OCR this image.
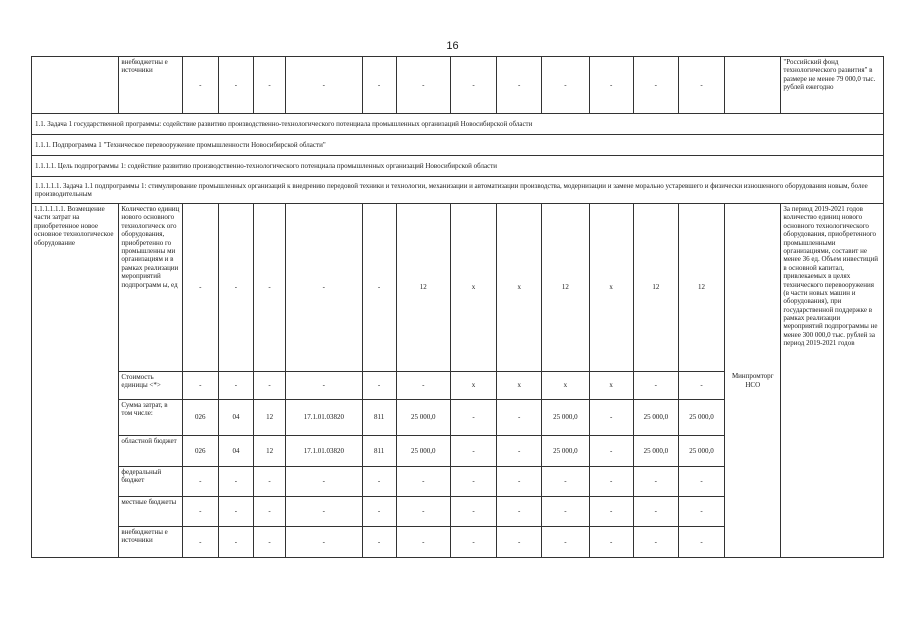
16
	внебюджетны е источники	-	-	-	-	-	-	-	-	-	-	-	-		"Российский фонд технологического развития" в размере не менее 79 000,0 тыс. рублей ежегодно
1.1. Задача 1 государственной программы: содействие развитию производственно-технологического потенциала промышленных организаций Новосибирской области															
1.1.1. Подпрограмма 1 "Техническое перевооружение промышленности Новосибирской области"															
1.1.1.1. Цель подпрограммы 1: содействие развитию производственно-технологического потенциала промышленных организаций Новосибирской области															
1.1.1.1.1. Задача 1.1 подпрограммы 1: стимулирование промышленных организаций к внедрению передовой техники и технологии, механизации и автоматизации производства, модернизации и замене морально устаревшего и физически изношенного оборудования новым, более производительным															
1.1.1.1.1.1. Возмещение части затрат на приобретенное новое основное технологическое оборудование	Количество единиц нового основного технологическ ого оборудования, приобретенно го промышленны ми организациям и в рамках реализации мероприятий подпрограмм ы, ед	-	-	-	-	-	12	x	x	12	x	12	12	Минпромторг НСО	За период 2019-2021 годов количество единиц нового основного технологического оборудования, приобретенного промышленными организациями, составит не менее 36 ед. Объем инвестиций в основной капитал, привлекаемых в целях технического перевооружения (в части новых машин и оборудования), при государственной поддержке в рамках реализации мероприятий подпрограммы не менее 300 000,0 тыс. рублей за период 2019-2021 годов
	Стоимость единицы <*>	-	-	-	-	-	-	x	x	x	x	-	-		
	Сумма затрат, в том числе:	026	04	12	17.1.01.03820	811	25 000,0	-	-	25 000,0	-	25 000,0	25 000,0		
	областной бюджет	026	04	12	17.1.01.03820	811	25 000,0	-	-	25 000,0	-	25 000,0	25 000,0		
	федеральный бюджет	-	-	-	-	-	-	-	-	-	-	-	-		
	местные бюджеты	-	-	-	-	-	-	-	-	-	-	-	-		
	внебюджетны е источники	-	-	-	-	-	-	-	-	-	-	-	-		
